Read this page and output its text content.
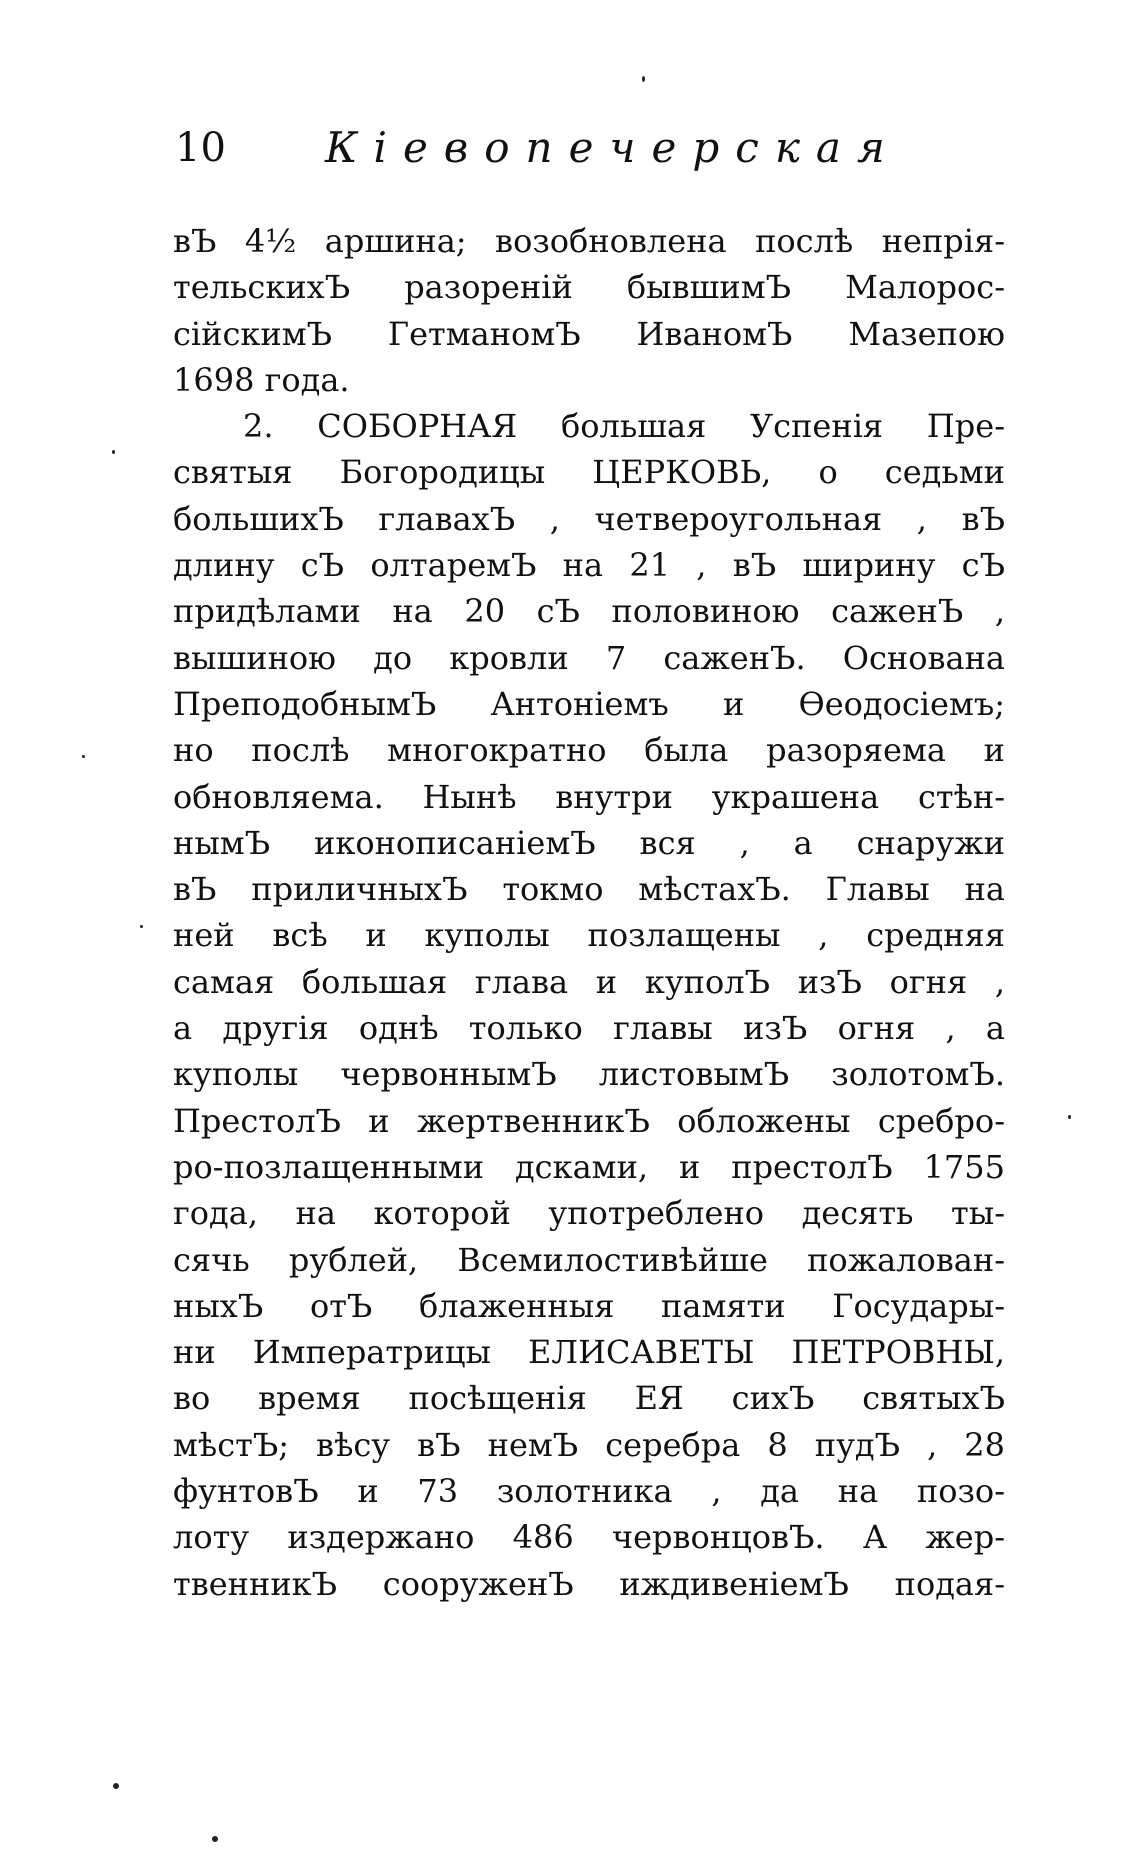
10 Кіевопечерская
вЪ 4½ аршина; возобновлена послѣ непрія-
тельскихЪ разореній бывшимЪ Малорос-
сійскимЪ ГетманомЪ ИваномЪ Мазепою
1698 года.
2. СОБОРНАЯ большая Успенія Пре-
святыя Богородицы ЦЕРКОВЬ, о седьми
большихЪ главахЪ , четвероугольная , вЪ
длину сЪ олтаремЪ на 21 , вЪ ширину сЪ
придѣлами на 20 сЪ половиною саженЪ ,
вышиною до кровли 7 саженЪ. Основана
ПреподобнымЪ Антоніемъ и Ѳеодосіемъ;
но послѣ многократно была разоряема и
обновляема. Нынѣ внутри украшена стѣн-
нымЪ иконописаніемЪ вся , а снаружи
вЪ приличныхЪ токмо мѣстахЪ. Главы на
ней всѣ и куполы позлащены , средняя
самая большая глава и куполЪ изЪ огня ,
а другія однѣ только главы изЪ огня , а
куполы червоннымЪ листовымЪ золотомЪ.
ПрестолЪ и жертвенникЪ обложены сребро-
ро-позлащенными дсками, и престолЪ 1755
года, на которой употреблено десять ты-
сячь рублей, Всемилостивѣйше пожалован-
ныхЪ отЪ блаженныя памяти Государы-
ни Императрицы ЕЛИСАВЕТЫ ПЕТРОВНЫ,
во время посѣщенія ЕЯ сихЪ святыхЪ
мѣстЪ; вѣсу вЪ немЪ серебра 8 пудЪ , 28
фунтовЪ и 73 золотника , да на позо-
лоту издержано 486 червонцовЪ. А жер-
твенникЪ сооруженЪ иждивеніемЪ подая-
